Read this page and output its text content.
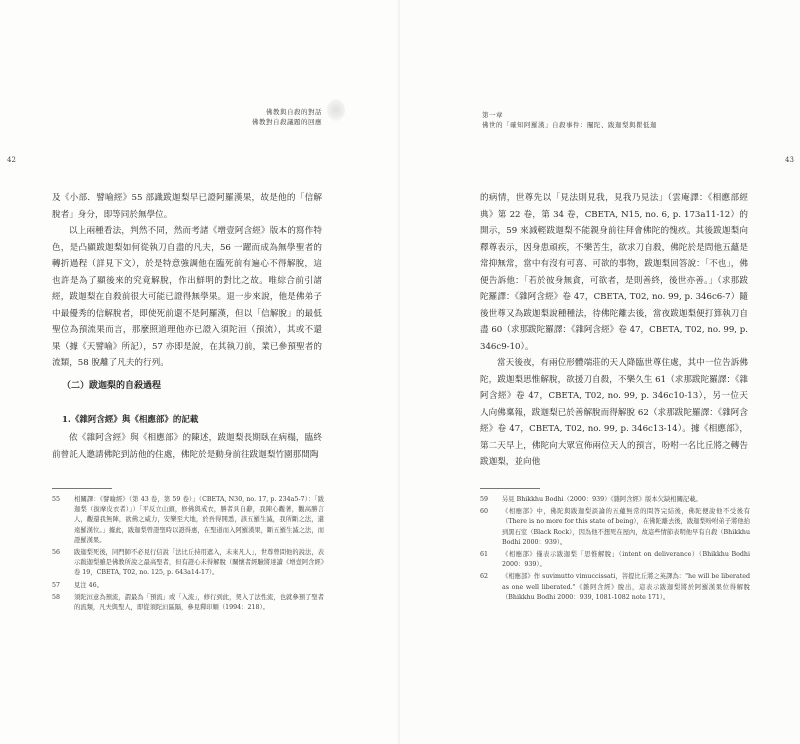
佛教與自殺的對話
佛教對自殺議題的回應
42

及《小部．譬喻經》55 部識跋迦梨早已證阿羅漢果，故是他的「信解脫者」身分，即等同於無學位。

以上兩種看法，判然不同，然而考諸《增壹阿含經》版本的寫作特色，是凸顯跋迦梨如何從執刀自盡的凡夫，56 一躍而成為無學聖者的轉折過程（詳見下文），於是特意強調他在臨死前有遍心不得解脫，這也許是為了顯後來的究竟解脫，作出鮮明的對比之故。唯綜合前引諸經，跋迦梨在自殺前很大可能已證得無學果。退一步來說，他是佛弟子中最優秀的信解脫者，即使死前還不是阿羅漢，但以「信解脫」的最低聖位為預流果而言，那麼照道理他亦已證入須陀洹（預流），其或不還果（據《天譬喻》所記），57 亦即是說，在其執刀前，業已參預聖者的流類，58 脫離了凡夫的行列。

（二）跋迦梨的自殺過程
1.《雜阿含經》與《相應部》的記載

依《雜阿含經》與《相應部》的陳述，跋迦梨長期臥在病榻，臨終前曾託人邀請佛陀到訪他的住處，佛陀於是動身前往跋迦梨竹園那間陶

55	相關譯：《譬喻經》（第 43 卷，第 59 卷）」（CBETA, N30, no. 17, p. 234a5-7）：「跋迦梨（拔摩皮衣者）」）「平反立山頭，修佛與戒衣，勝者具自辭，我陳心觀著，觀高勝言人，觀還我無陣，欲佛之威力，安樂至大地，於吾得開悉，該五羅生滅，我所斷之法，還遠羅漢位。」據此，跋迦梨曾證聖時以證得惠，在聖道而入阿羅漢果，斷五羅生滅之法，而證羅漢果。
56	跋迦梨死後，同門師不必見行信說「法比丘持用遮入，未來凡人」，世尊曾問他的說法，表示跋迦梨雖是佛教所說之最高聖者，但有證心未得解脫（關懷者經驗將達讀《增壹阿含經》卷 19，CBETA, T02, no. 125, p. 643a14-17）。
57	見注 46。
58	須陀洹意為預流，謂最為「預流」或「入流」，修行到此，契入了法性流，也就參預了聖者的流類，凡夫與聖人，即從須陀洹區隔，參見釋印順（1994：218）。
第一章
佛世的「確知阿羅漢」自殺事件：闡陀、跋迦梨與瞿低迦
43

的病情，世尊先以「見法則見我，見我乃見法」（雲庵譯：《相應部經典》第 22 卷，第 34 卷，CBETA, N15, no. 6, p. 173a11-12）的開示，59 來減輕跋迦梨不能親身前往拜會佛陀的愧疚。其後跋迦梨向釋尊表示，因身患頑疾，不樂苦生，欲求刀自殺，佛陀於是問他五蘊是常抑無常，當中有沒有可喜、可欲的事物，跋迦梨回答說：「不也」，佛便告訴他：「若於彼身無貪，可欲者，是則善終，後世亦善。」（求那跋陀羅譯：《雜阿含經》卷 47，CBETA, T02, no. 99, p. 346c6-7）隨後世尊又為跋迦梨說種種法，待佛陀離去後，當夜跋迦梨便打算執刀自盡 60（求那跋陀羅譯：《雜阿含經》卷 47，CBETA, T02, no. 99, p. 346c9-10）。

當天後夜，有兩位形體端莊的天人降臨世尊住處，其中一位告訴佛陀，跋迦梨思惟解脫，欲援刀自殺，不樂久生 61（求那跋陀羅譯：《雜阿含經》卷 47，CBETA, T02, no. 99, p. 346c10-13），另一位天人向佛稟報，跋迦梨已於善解脫而得解脫 62（求那跋陀羅譯：《雜阿含經》卷 47，CBETA, T02, no. 99, p. 346c13-14）。據《相應部》，第二天早上，佛陀向大眾宣佈兩位天人的預言，吩咐一名比丘將之轉告跋迦梨，並向他

59	另見 Bhikkhu Bodhi（2000：939）《雜阿含經》版本欠缺相關記載。
60	《相應部》中，佛陀與跋迦梨談論的五蘊無常的問答完結後，佛陀便說他不受後有（There is no more for this state of being），在佛陀離去後，跋迦梨吩咐弟子將他抬到黑石室（Black Rock），因為他不想死在屋內，故這些情節表明他早有自殺（Bhikkhu Bodhi 2000：939）。
61	《相應部》僅表示跋迦梨「思惟解脫」（intent on deliverance）（Bhikkhu Bodhi 2000：939）。
62	《相應部》作 suvimutto vimuccissati，菩提比丘將之英譯為："he will be liberated as one well liberated."《雜阿含經》脫出，這表示跋迦梨將於阿羅漢果位得解脫（Bhikkhu Bodhi 2000：939, 1081-1082 note 171）。
